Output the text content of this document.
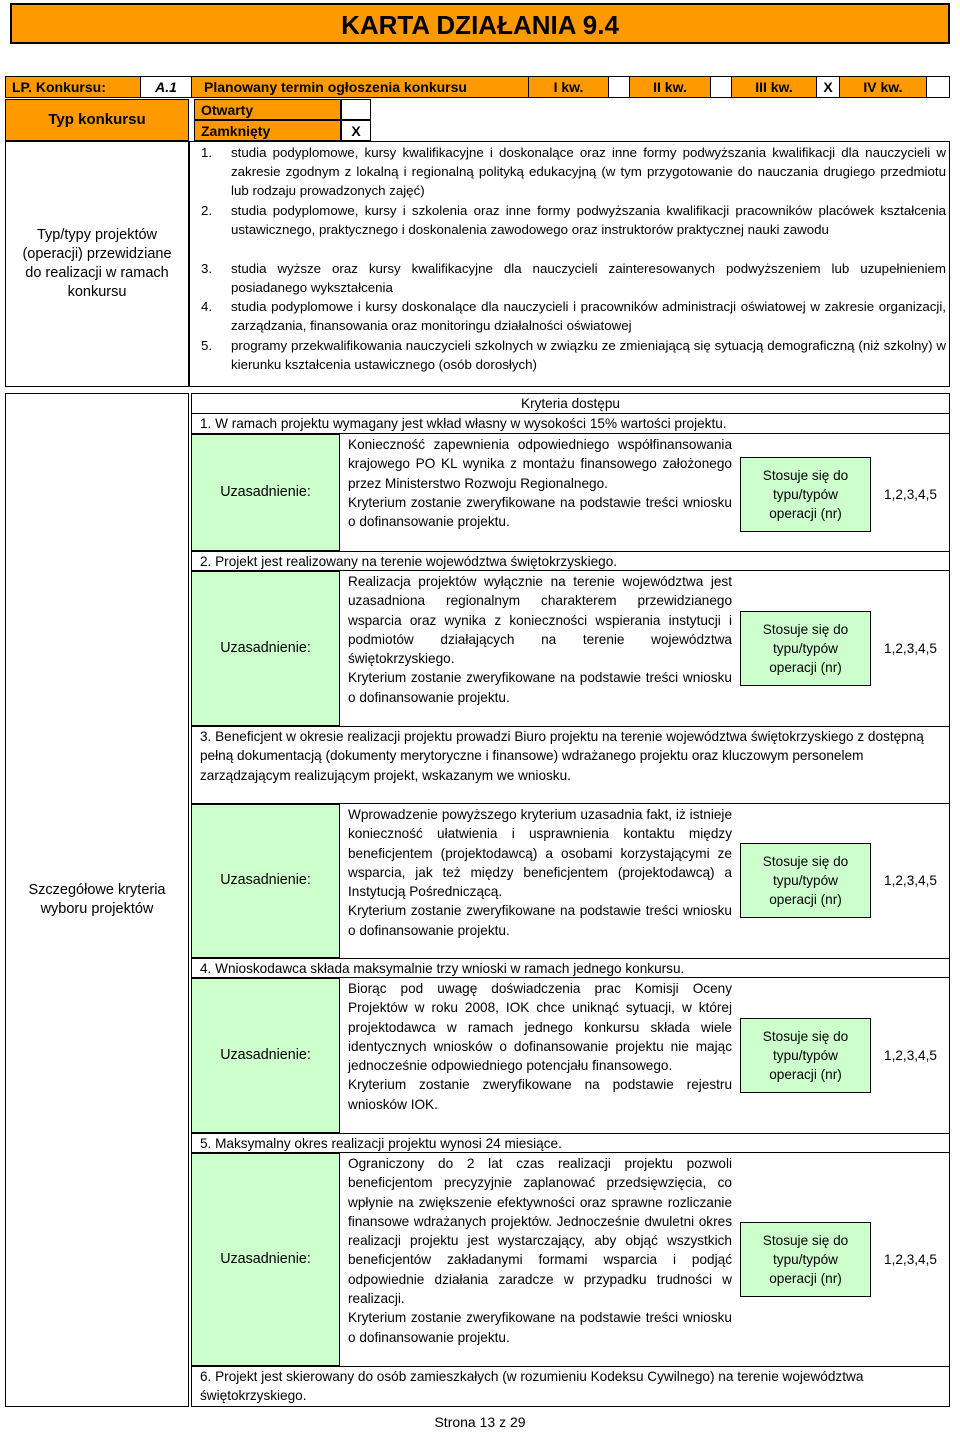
KARTA DZIAŁANIA 9.4
LP. Konkursu:	A.1	Planowany termin ogłoszenia konkursu	I kw.	II kw.	III kw.	X	IV kw.
Typ konkursu
Otwarty
Zamknięty	X
Typ/typy projektów (operacji) przewidziane do realizacji w ramach konkursu
1. studia podyplomowe, kursy kwalifikacyjne i doskonalące oraz inne formy podwyższania kwalifikacji dla nauczycieli w zakresie zgodnym z lokalną i regionalną polityką edukacyjną (w tym przygotowanie do nauczania drugiego przedmiotu lub rodzaju prowadzonych zajęć)
2. studia podyplomowe, kursy i szkolenia oraz inne formy podwyższania kwalifikacji pracowników placówek kształcenia ustawicznego, praktycznego i doskonalenia zawodowego oraz instruktorów praktycznej nauki zawodu
3. studia wyższe oraz kursy kwalifikacyjne dla nauczycieli zainteresowanych podwyższeniem lub uzupełnieniem posiadanego wykształcenia
4. studia podyplomowe i kursy doskonalące dla nauczycieli i pracowników administracji oświatowej w zakresie organizacji, zarządzania, finansowania oraz monitoringu działalności oświatowej
5. programy przekwalifikowania nauczycieli szkolnych w związku ze zmieniającą się sytuacją demograficzną (niż szkolny) w kierunku kształcenia ustawicznego (osób dorosłych)
Szczegółowe kryteria wyboru projektów
Kryteria dostępu
1. W ramach projektu wymagany jest wkład własny w wysokości 15% wartości projektu.
Uzasadnienie:
Konieczność zapewnienia odpowiedniego współfinansowania krajowego PO KL wynika z montażu finansowego założonego przez Ministerstwo Rozwoju Regionalnego.
Kryterium zostanie zweryfikowane na podstawie treści wniosku o dofinansowanie projektu.
Stosuje się do typu/typów operacji (nr)
1,2,3,4,5
2. Projekt jest realizowany na terenie województwa świętokrzyskiego.
Uzasadnienie:
Realizacja projektów wyłącznie na terenie województwa jest uzasadniona regionalnym charakterem przewidzianego wsparcia oraz wynika z konieczności wspierania instytucji i podmiotów działających na terenie województwa świętokrzyskiego.
Kryterium zostanie zweryfikowane na podstawie treści wniosku o dofinansowanie projektu.
Stosuje się do typu/typów operacji (nr)
1,2,3,4,5
3. Beneficjent w okresie realizacji projektu prowadzi Biuro projektu na terenie województwa świętokrzyskiego z dostępną pełną dokumentacją (dokumenty merytoryczne i finansowe) wdrażanego projektu oraz kluczowym personelem zarządzającym realizującym projekt, wskazanym we wniosku.
Uzasadnienie:
Wprowadzenie powyższego kryterium uzasadnia fakt, iż istnieje konieczność ułatwienia i usprawnienia kontaktu między beneficjentem (projektodawcą) a osobami korzystającymi ze wsparcia, jak też między beneficjentem (projektodawcą) a Instytucją Pośredniczącą.
Kryterium zostanie zweryfikowane na podstawie treści wniosku o dofinansowanie projektu.
Stosuje się do typu/typów operacji (nr)
1,2,3,4,5
4. Wnioskodawca składa maksymalnie trzy wnioski w ramach jednego konkursu.
Uzasadnienie:
Biorąc pod uwagę doświadczenia prac Komisji Oceny Projektów w roku 2008, IOK chce uniknąć sytuacji, w której projektodawca w ramach jednego konkursu składa wiele identycznych wniosków o dofinansowanie projektu nie mając jednocześnie odpowiedniego potencjału finansowego.
Kryterium zostanie zweryfikowane na podstawie rejestru wniosków IOK.
Stosuje się do typu/typów operacji (nr)
1,2,3,4,5
5. Maksymalny okres realizacji projektu wynosi 24 miesiące.
Uzasadnienie:
Ograniczony do 2 lat czas realizacji projektu pozwoli beneficjentom precyzyjnie zaplanować przedsięwzięcia, co wpłynie na zwiększenie efektywności oraz sprawne rozliczanie finansowe wdrażanych projektów. Jednocześnie dwuletni okres realizacji projektu jest wystarczający, aby objąć wszystkich beneficjentów zakładanymi formami wsparcia i podjąć odpowiednie działania zaradcze w przypadku trudności w realizacji.
Kryterium zostanie zweryfikowane na podstawie treści wniosku o dofinansowanie projektu.
Stosuje się do typu/typów operacji (nr)
1,2,3,4,5
6. Projekt jest skierowany do osób zamieszkałych (w rozumieniu Kodeksu Cywilnego) na terenie województwa świętokrzyskiego.
Strona 13 z 29
